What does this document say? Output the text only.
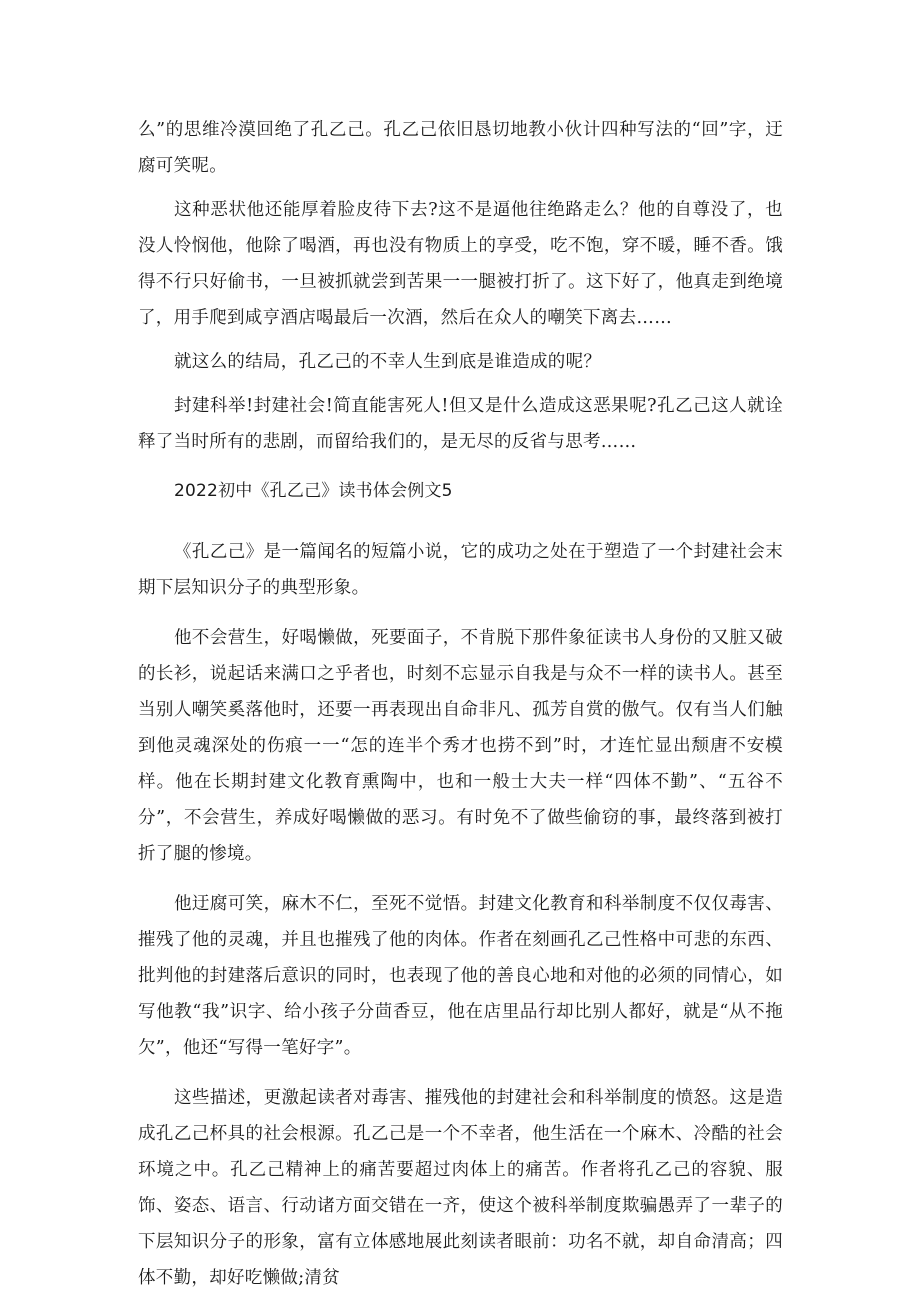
么”的思维冷漠回绝了孔乙己。孔乙己依旧恳切地教小伙计四种写法的“回”字，迂腐可笑呢。

这种恶状他还能厚着脸皮待下去?这不是逼他往绝路走么？他的自尊没了，也没人怜悯他，他除了喝酒，再也没有物质上的享受，吃不饱，穿不暖，睡不香。饿得不行只好偷书，一旦被抓就尝到苦果一一腿被打折了。这下好了，他真走到绝境了，用手爬到咸亨酒店喝最后一次酒，然后在众人的嘲笑下离去……

就这么的结局，孔乙己的不幸人生到底是谁造成的呢？

封建科举!封建社会!简直能害死人!但又是什么造成这恶果呢?孔乙己这人就诠释了当时所有的悲剧，而留给我们的，是无尽的反省与思考……

2022初中《孔乙己》读书体会例文5

《孔乙己》是一篇闻名的短篇小说，它的成功之处在于塑造了一个封建社会末期下层知识分子的典型形象。

他不会营生，好喝懒做，死要面子，不肯脱下那件象征读书人身份的又脏又破的长衫，说起话来满口之乎者也，时刻不忘显示自我是与众不一样的读书人。甚至当别人嘲笑奚落他时，还要一再表现出自命非凡、孤芳自赏的傲气。仅有当人们触到他灵魂深处的伤痕一一“怎的连半个秀才也捞不到”时，才连忙显出颓唐不安模样。他在长期封建文化教育熏陶中，也和一般士大夫一样“四体不勤”、“五谷不分”，不会营生，养成好喝懒做的恶习。有时免不了做些偷窃的事，最终落到被打折了腿的惨境。

他迂腐可笑，麻木不仁，至死不觉悟。封建文化教育和科举制度不仅仅毒害、摧残了他的灵魂，并且也摧残了他的肉体。作者在刻画孔乙己性格中可悲的东西、批判他的封建落后意识的同时，也表现了他的善良心地和对他的必须的同情心，如写他教“我”识字、给小孩子分茴香豆，他在店里品行却比别人都好，就是“从不拖欠”，他还“写得一笔好字”。

这些描述，更激起读者对毒害、摧残他的封建社会和科举制度的愤怒。这是造成孔乙己杯具的社会根源。孔乙己是一个不幸者，他生活在一个麻木、冷酷的社会环境之中。孔乙己精神上的痛苦要超过肉体上的痛苦。作者将孔乙己的容貌、服饰、姿态、语言、行动诸方面交错在一齐，使这个被科举制度欺骗愚弄了一辈子的下层知识分子的形象，富有立体感地展此刻读者眼前：功名不就，却自命清高；四体不勤，却好吃懒做;清贫
